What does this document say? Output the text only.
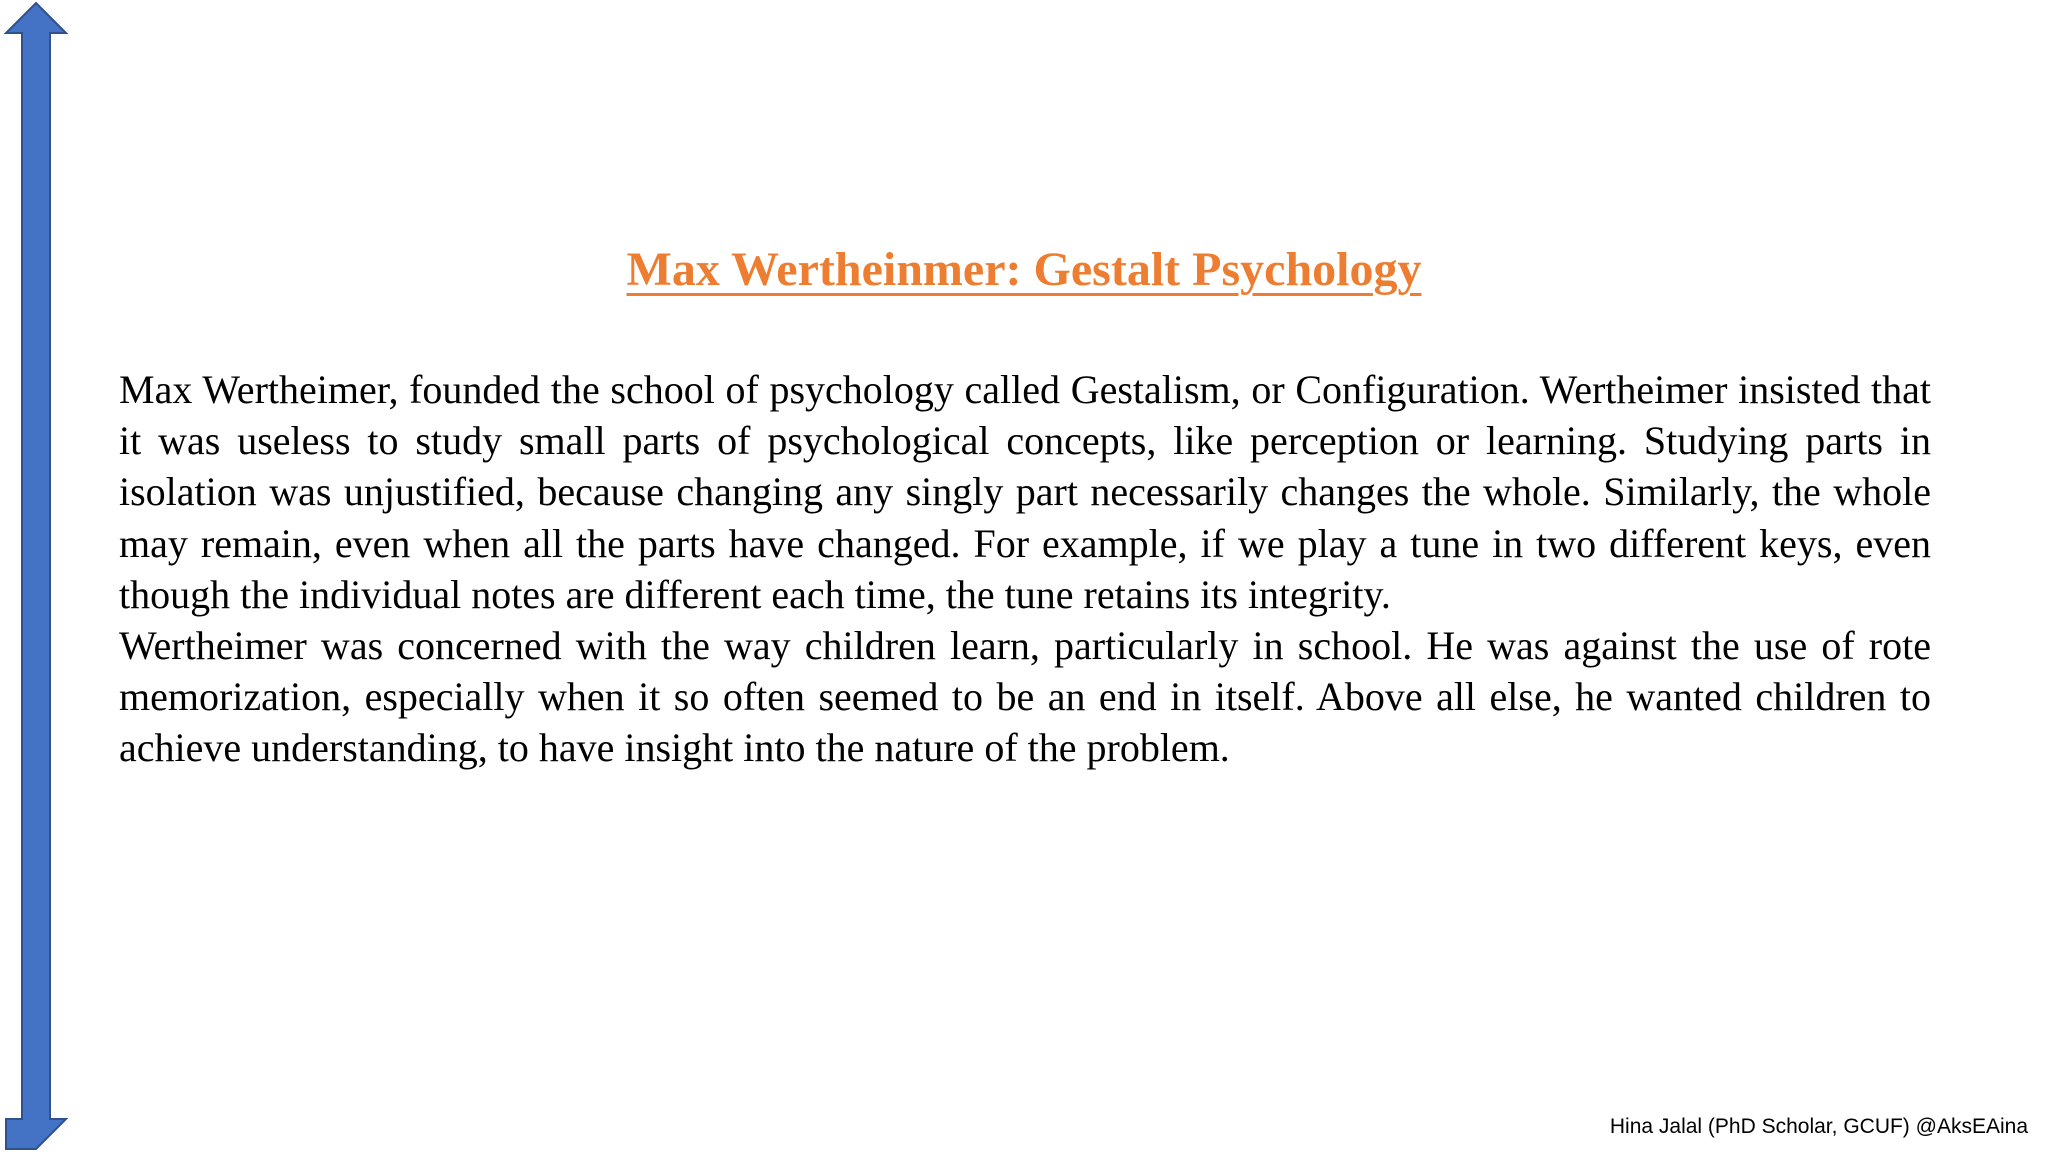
Max Wertheinmer: Gestalt Psychology

Max Wertheimer, founded the school of psychology called Gestalism, or Configuration. Wertheimer insisted that it was useless to study small parts of psychological concepts, like perception or learning. Studying parts in isolation was unjustified, because changing any singly part necessarily changes the whole. Similarly, the whole may remain, even when all the parts have changed. For example, if we play a tune in two different keys, even though the individual notes are different each time, the tune retains its integrity.

Wertheimer was concerned with the way children learn, particularly in school. He was against the use of rote memorization, especially when it so often seemed to be an end in itself. Above all else, he wanted children to achieve understanding, to have insight into the nature of the problem.

Hina Jalal (PhD Scholar, GCUF) @AksEAina
